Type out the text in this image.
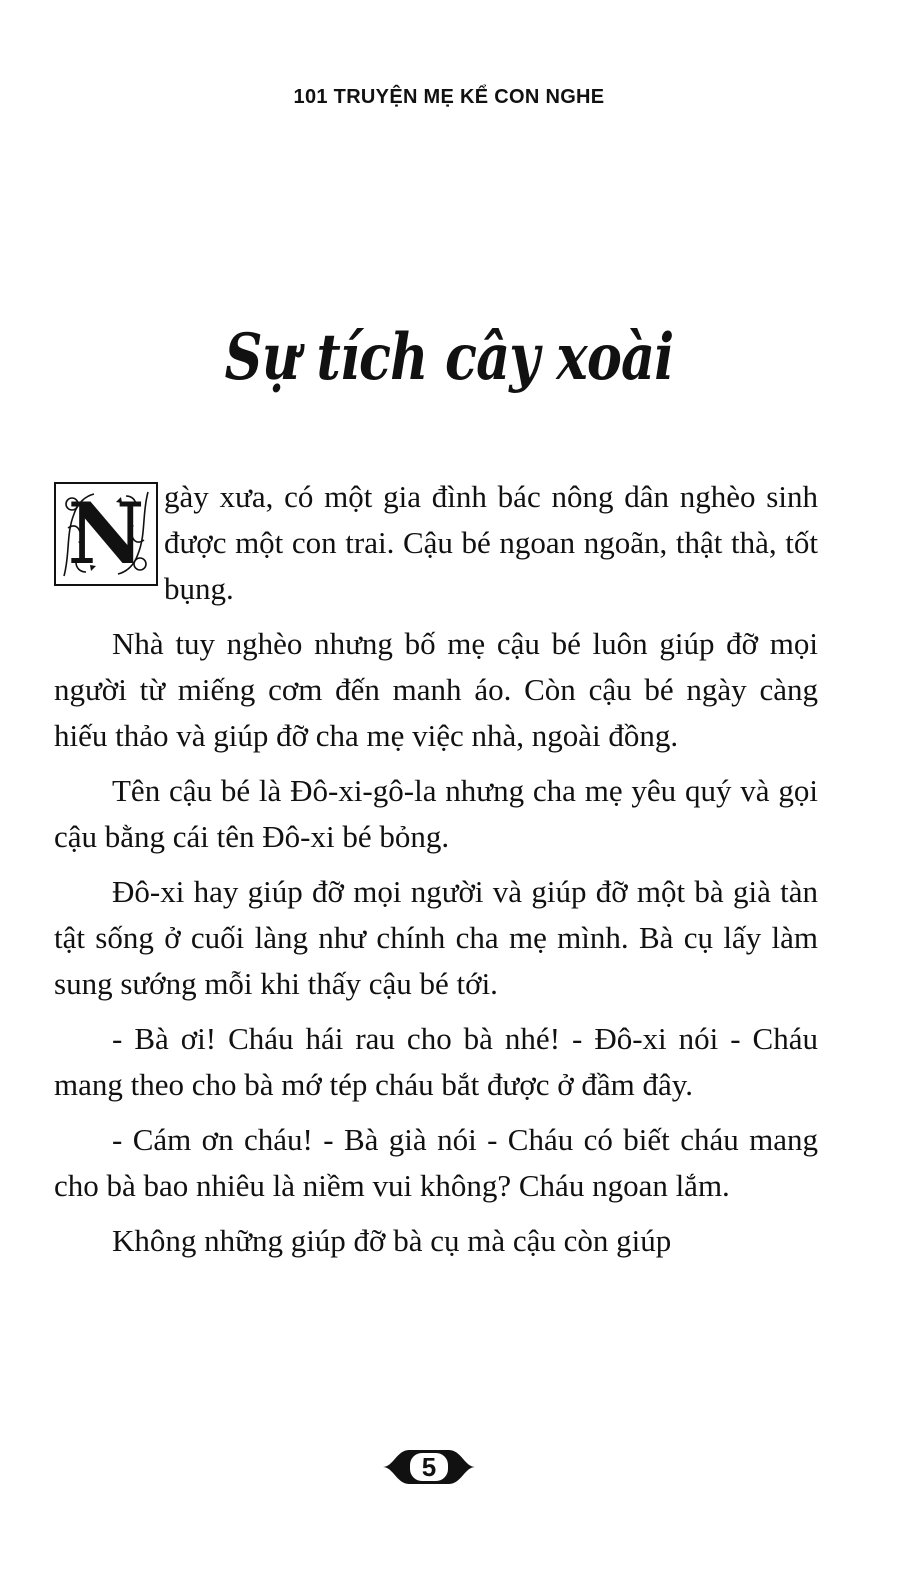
101 TRUYỆN MẸ KỂ CON NGHE
Sự tích cây xoài

N gày xưa, có một gia đình bác nông dân nghèo sinh được một con trai. Cậu bé ngoan ngoãn, thật thà, tốt bụng.

Nhà tuy nghèo nhưng bố mẹ cậu bé luôn giúp đỡ mọi người từ miếng cơm đến manh áo. Còn cậu bé ngày càng hiếu thảo và giúp đỡ cha mẹ việc nhà, ngoài đồng.

Tên cậu bé là Đô-xi-gô-la nhưng cha mẹ yêu quý và gọi cậu bằng cái tên Đô-xi bé bỏng.

Đô-xi hay giúp đỡ mọi người và giúp đỡ một bà già tàn tật sống ở cuối làng như chính cha mẹ mình. Bà cụ lấy làm sung sướng mỗi khi thấy cậu bé tới.

- Bà ơi! Cháu hái rau cho bà nhé! - Đô-xi nói - Cháu mang theo cho bà mớ tép cháu bắt được ở đầm đây.

- Cám ơn cháu! - Bà già nói - Cháu có biết cháu mang cho bà bao nhiêu là niềm vui không? Cháu ngoan lắm.

Không những giúp đỡ bà cụ mà cậu còn giúp

5
